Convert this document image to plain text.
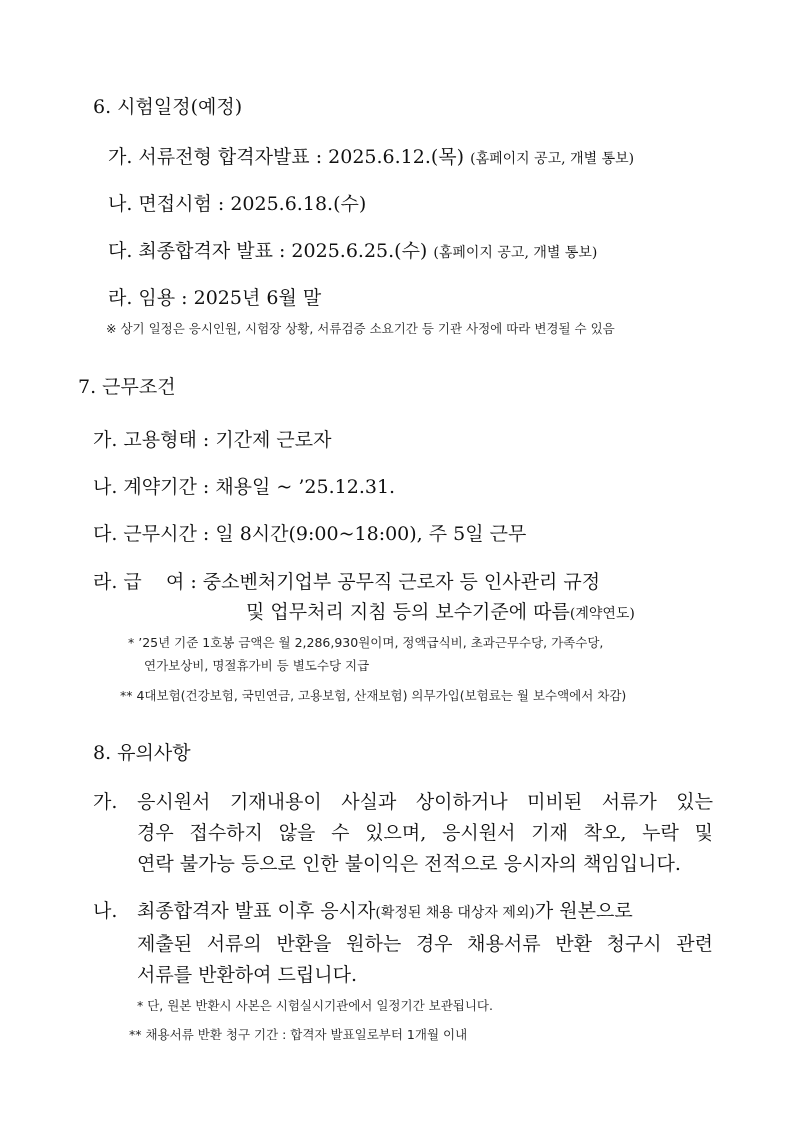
6. 시험일정(예정)
가. 서류전형 합격자발표 : 2025.6.12.(목) (홈페이지 공고, 개별 통보)
나. 면접시험 : 2025.6.18.(수)
다. 최종합격자 발표 : 2025.6.25.(수) (홈페이지 공고, 개별 통보)
라. 임용 : 2025년 6월 말
※ 상기 일정은 응시인원, 시험장 상황, 서류검증 소요기간 등 기관 사정에 따라 변경될 수 있음
7. 근무조건
가. 고용형태 : 기간제 근로자
나. 계약기간 : 채용일 ~ ’25.12.31.
다. 근무시간 : 일 8시간(9:00~18:00), 주 5일 근무
라. 급    여 : 중소벤처기업부 공무직 근로자 등 인사관리 규정
및 업무처리 지침 등의 보수기준에 따름(계약연도)
* ’25년 기준 1호봉 금액은 월 2,286,930원이며, 정액급식비, 초과근무수당, 가족수당,
연가보상비, 명절휴가비 등 별도수당 지급
** 4대보험(건강보험, 국민연금, 고용보험, 산재보험) 의무가입(보험료는 월 보수액에서 차감)
8. 유의사항
가. 응시원서 기재내용이 사실과 상이하거나 미비된 서류가 있는
경우 접수하지 않을 수 있으며, 응시원서 기재 착오, 누락 및
연락 불가능 등으로 인한 불이익은 전적으로 응시자의 책임입니다.
나. 최종합격자 발표 이후 응시자(확정된 채용 대상자 제외)가 원본으로
제출된 서류의 반환을 원하는 경우 채용서류 반환 청구시 관련
서류를 반환하여 드립니다.
* 단, 원본 반환시 사본은 시험실시기관에서 일정기간 보관됩니다.
** 채용서류 반환 청구 기간 : 합격자 발표일로부터 1개월 이내
